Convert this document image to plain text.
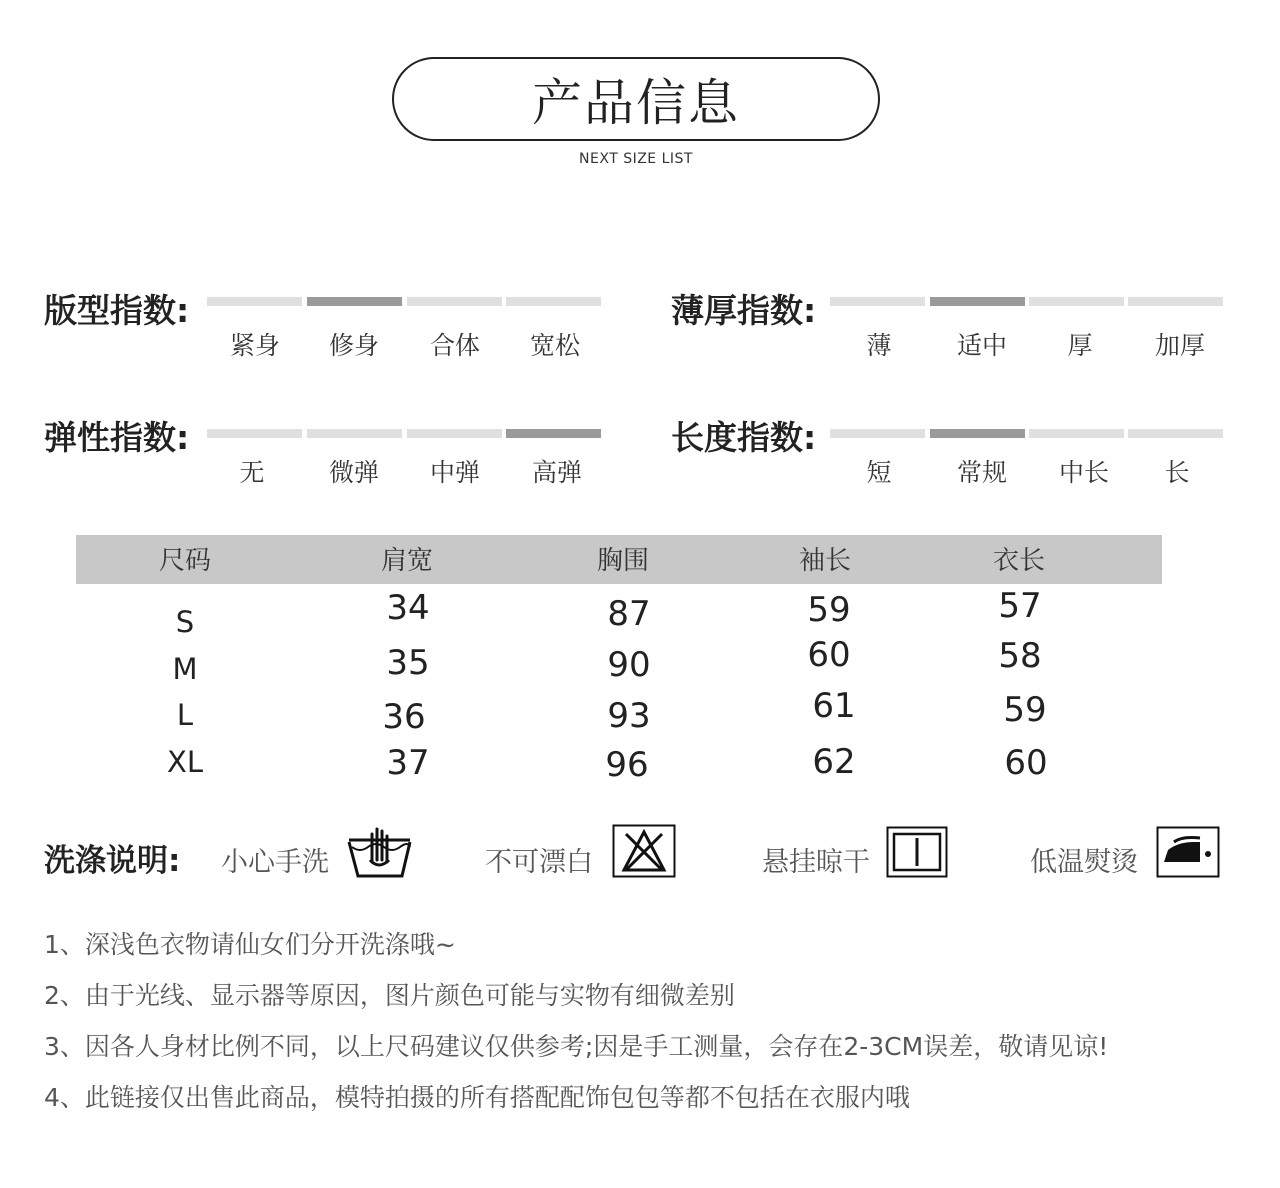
产品信息
NEXT SIZE LIST
版型指数:
紧身	修身	合体	宽松
薄厚指数:
薄	适中	厚	加厚
弹性指数:
无	微弹	中弹	高弹
长度指数:
短	常规	中长	长
尺码	肩宽	胸围	袖长	衣长
S	34	87	59	57
M	35	90	60	58
L	36	93	61	59
XL	37	96	62	60
洗涤说明: 小心手洗	不可漂白	悬挂晾干	低温熨烫
1、深浅色衣物请仙女们分开洗涤哦~
2、由于光线、显示器等原因，图片颜色可能与实物有细微差别
3、因各人身材比例不同，以上尺码建议仅供参考;因是手工测量，会存在2-3CM误差，敬请见谅!
4、此链接仅出售此商品，模特拍摄的所有搭配配饰包包等都不包括在衣服内哦
